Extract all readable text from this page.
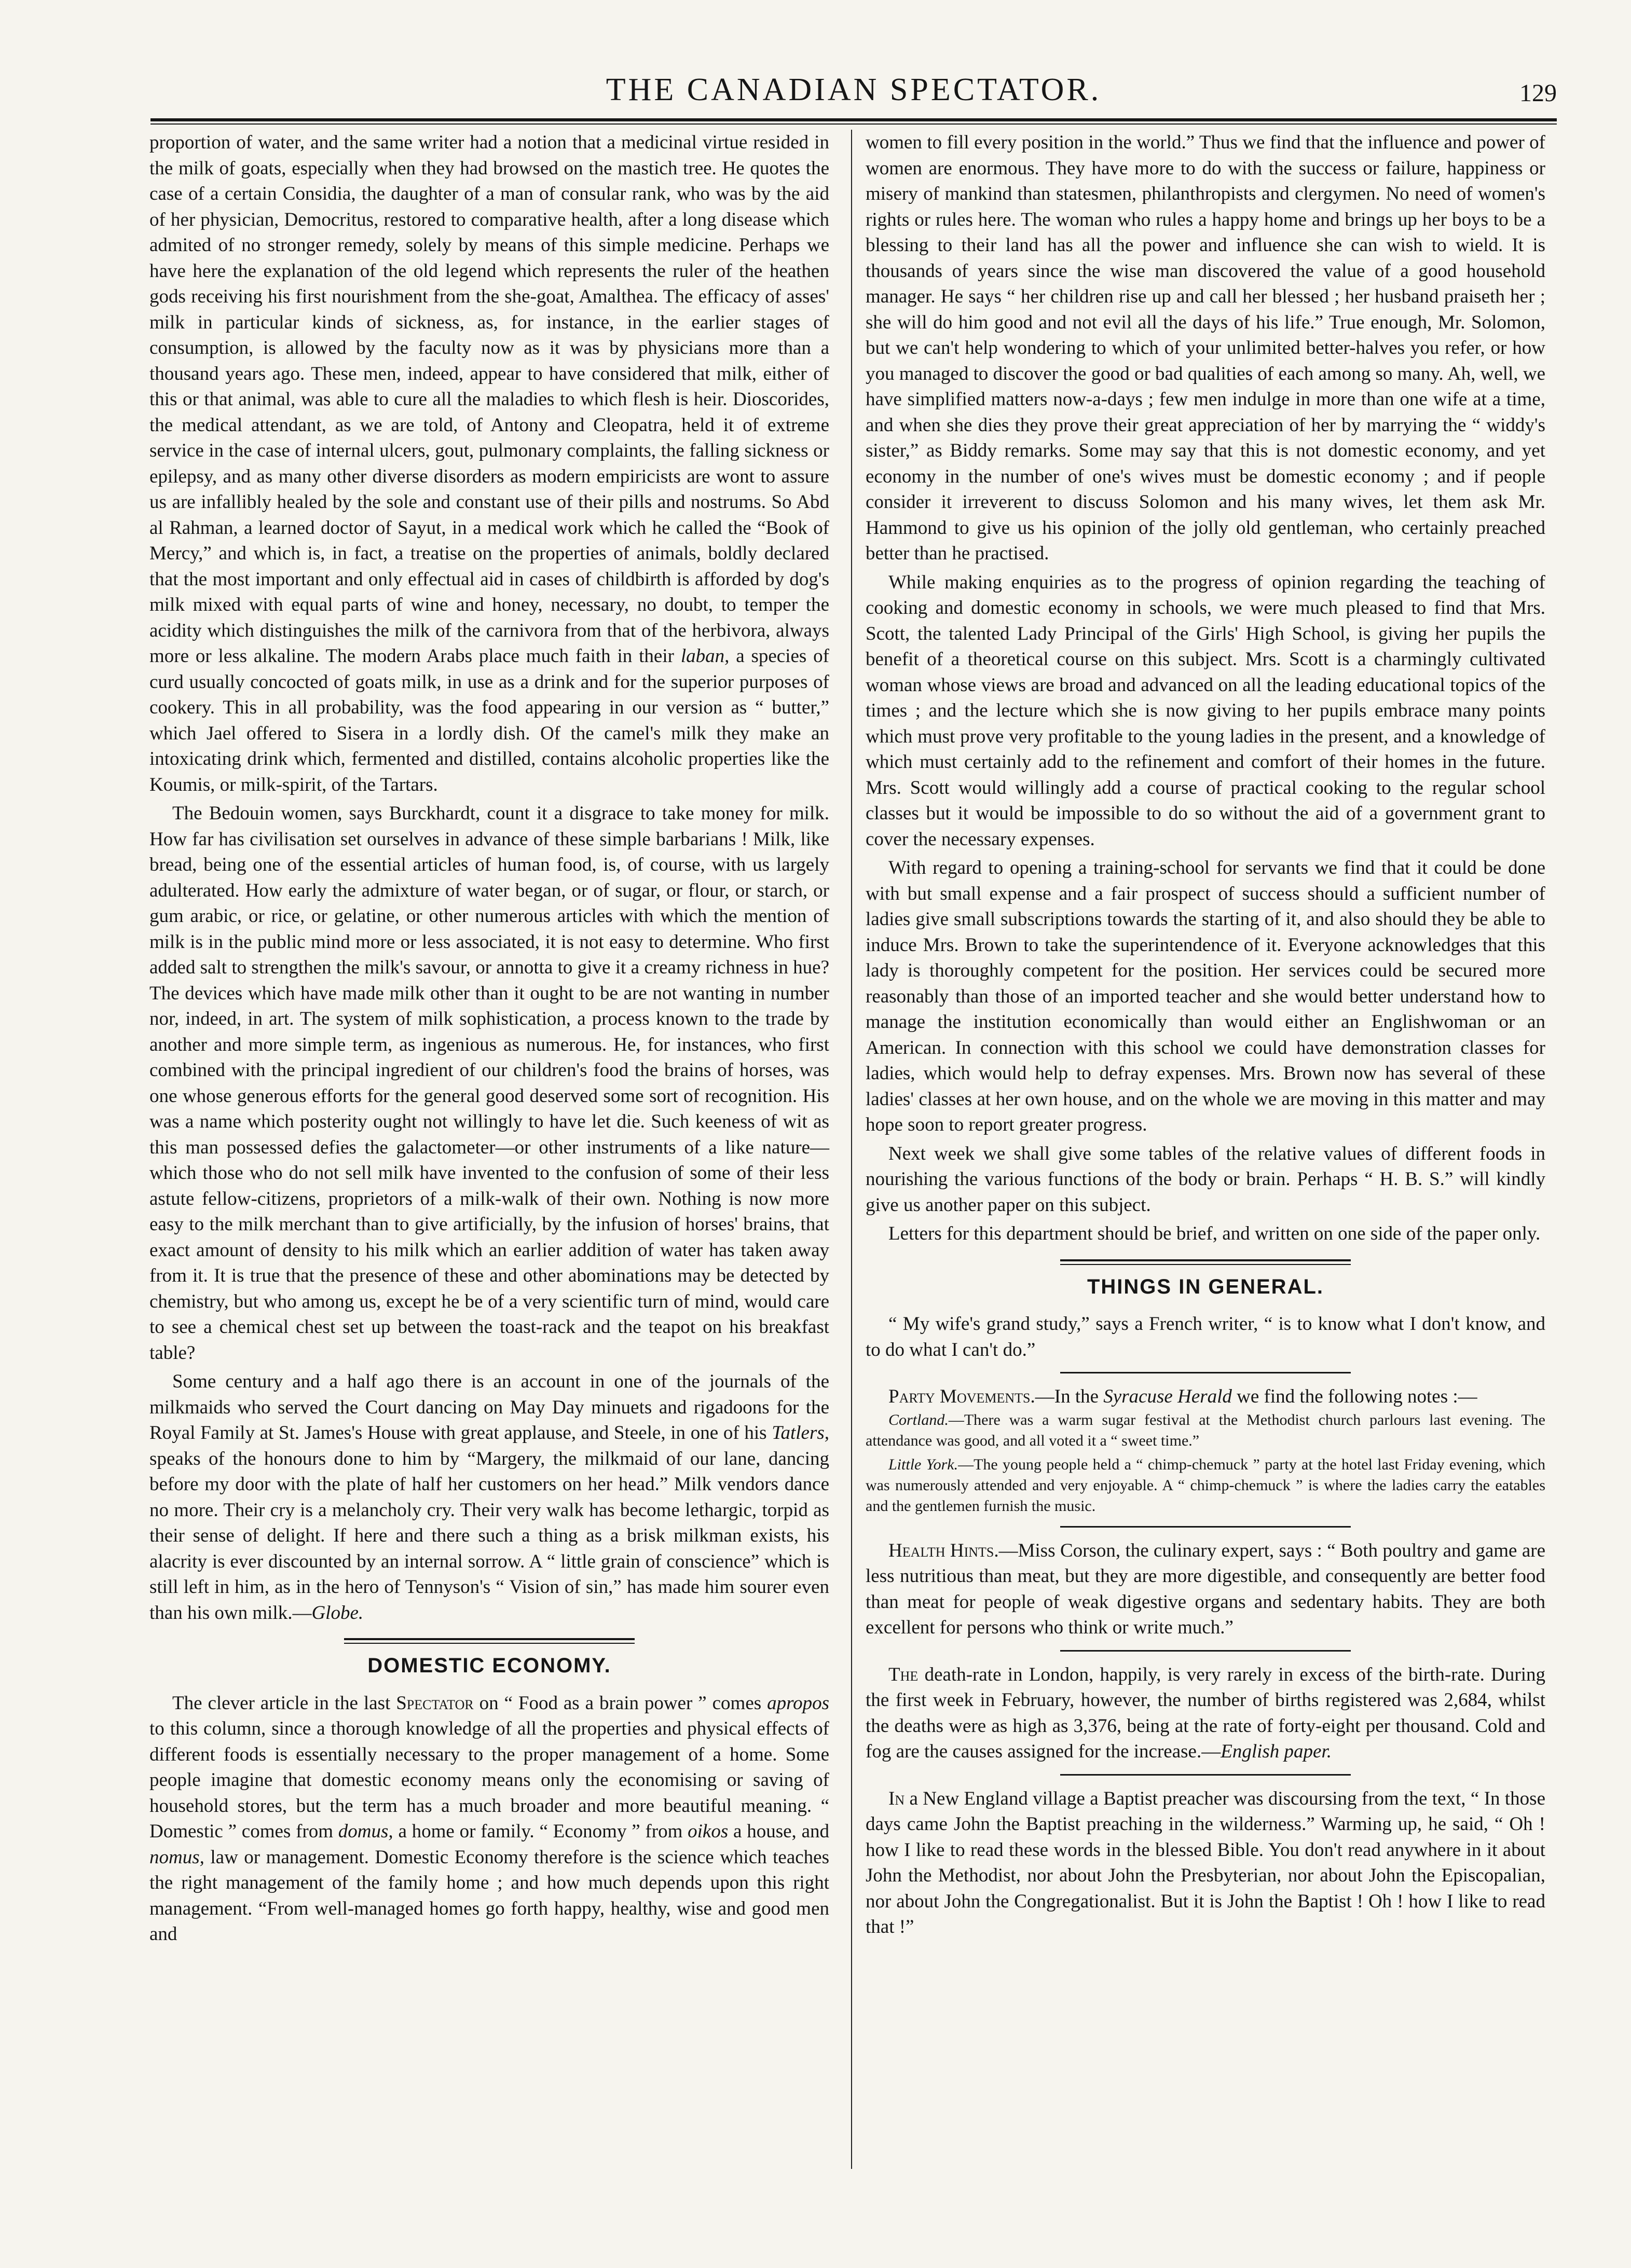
THE CANADIAN SPECTATOR.	129

proportion of water, and the same writer had a notion that a medicinal virtue resided in the milk of goats, especially when they had browsed on the mastich tree. He quotes the case of a certain Considia, the daughter of a man of consular rank, who was by the aid of her physician, Democritus, restored to comparative health, after a long disease which admited of no stronger remedy, solely by means of this simple medicine. Perhaps we have here the explanation of the old legend which represents the ruler of the heathen gods receiving his first nourishment from the she-goat, Amalthea. The efficacy of asses' milk in particular kinds of sickness, as, for instance, in the earlier stages of consumption, is allowed by the faculty now as it was by physicians more than a thousand years ago. These men, indeed, appear to have considered that milk, either of this or that animal, was able to cure all the maladies to which flesh is heir. Dioscorides, the medical attendant, as we are told, of Antony and Cleopatra, held it of extreme service in the case of internal ulcers, gout, pulmonary complaints, the falling sickness or epilepsy, and as many other diverse disorders as modern empiricists are wont to assure us are infallibly healed by the sole and constant use of their pills and nostrums. So Abd al Rahman, a learned doctor of Sayut, in a medical work which he called the “Book of Mercy,” and which is, in fact, a treatise on the properties of animals, boldly declared that the most important and only effectual aid in cases of childbirth is afforded by dog's milk mixed with equal parts of wine and honey, necessary, no doubt, to temper the acidity which distinguishes the milk of the carnivora from that of the herbivora, always more or less alkaline. The modern Arabs place much faith in their laban, a species of curd usually concocted of goats milk, in use as a drink and for the superior purposes of cookery. This in all probability, was the food appearing in our version as “ butter,” which Jael offered to Sisera in a lordly dish. Of the camel's milk they make an intoxicating drink which, fermented and distilled, contains alcoholic properties like the Koumis, or milk-spirit, of the Tartars.

The Bedouin women, says Burckhardt, count it a disgrace to take money for milk. How far has civilisation set ourselves in advance of these simple barbarians ! Milk, like bread, being one of the essential articles of human food, is, of course, with us largely adulterated. How early the admixture of water began, or of sugar, or flour, or starch, or gum arabic, or rice, or gelatine, or other numerous articles with which the mention of milk is in the public mind more or less associated, it is not easy to determine. Who first added salt to strengthen the milk's savour, or annotta to give it a creamy richness in hue? The devices which have made milk other than it ought to be are not wanting in number nor, indeed, in art. The system of milk sophistication, a process known to the trade by another and more simple term, as ingenious as numerous. He, for instances, who first combined with the principal ingredient of our children's food the brains of horses, was one whose generous efforts for the general good deserved some sort of recognition. His was a name which posterity ought not willingly to have let die. Such keeness of wit as this man possessed defies the galactometer—or other instruments of a like nature—which those who do not sell milk have invented to the confusion of some of their less astute fellow-citizens, proprietors of a milk-walk of their own. Nothing is now more easy to the milk merchant than to give artificially, by the infusion of horses' brains, that exact amount of density to his milk which an earlier addition of water has taken away from it. It is true that the presence of these and other abominations may be detected by chemistry, but who among us, except he be of a very scientific turn of mind, would care to see a chemical chest set up between the toast-rack and the teapot on his breakfast table?

Some century and a half ago there is an account in one of the journals of the milkmaids who served the Court dancing on May Day minuets and rigadoons for the Royal Family at St. James's House with great applause, and Steele, in one of his Tatlers, speaks of the honours done to him by “Margery, the milkmaid of our lane, dancing before my door with the plate of half her customers on her head.” Milk vendors dance no more. Their cry is a melancholy cry. Their very walk has become lethargic, torpid as their sense of delight. If here and there such a thing as a brisk milkman exists, his alacrity is ever discounted by an internal sorrow. A “ little grain of conscience” which is still left in him, as in the hero of Tennyson's “ Vision of sin,” has made him sourer even than his own milk.—Globe.

DOMESTIC ECONOMY.

The clever article in the last Spectator on “ Food as a brain power ” comes apropos to this column, since a thorough knowledge of all the properties and physical effects of different foods is essentially necessary to the proper management of a home. Some people imagine that domestic economy means only the economising or saving of household stores, but the term has a much broader and more beautiful meaning. “ Domestic ” comes from domus, a home or family. “ Economy ” from oikos a house, and nomus, law or management. Domestic Economy therefore is the science which teaches the right management of the family home ; and how much depends upon this right management. “From well-managed homes go forth happy, healthy, wise and good men and

women to fill every position in the world.” Thus we find that the influence and power of women are enormous. They have more to do with the success or failure, happiness or misery of mankind than statesmen, philanthropists and clergymen. No need of women's rights or rules here. The woman who rules a happy home and brings up her boys to be a blessing to their land has all the power and influence she can wish to wield. It is thousands of years since the wise man discovered the value of a good household manager. He says “ her children rise up and call her blessed ; her husband praiseth her ; she will do him good and not evil all the days of his life.” True enough, Mr. Solomon, but we can't help wondering to which of your unlimited better-halves you refer, or how you managed to discover the good or bad qualities of each among so many. Ah, well, we have simplified matters now-a-days ; few men indulge in more than one wife at a time, and when she dies they prove their great appreciation of her by marrying the “ widdy's sister,” as Biddy remarks. Some may say that this is not domestic economy, and yet economy in the number of one's wives must be domestic economy ; and if people consider it irreverent to discuss Solomon and his many wives, let them ask Mr. Hammond to give us his opinion of the jolly old gentleman, who certainly preached better than he practised.

While making enquiries as to the progress of opinion regarding the teaching of cooking and domestic economy in schools, we were much pleased to find that Mrs. Scott, the talented Lady Principal of the Girls' High School, is giving her pupils the benefit of a theoretical course on this subject. Mrs. Scott is a charmingly cultivated woman whose views are broad and advanced on all the leading educational topics of the times ; and the lecture which she is now giving to her pupils embrace many points which must prove very profitable to the young ladies in the present, and a knowledge of which must certainly add to the refinement and comfort of their homes in the future. Mrs. Scott would willingly add a course of practical cooking to the regular school classes but it would be impossible to do so without the aid of a government grant to cover the necessary expenses.

With regard to opening a training-school for servants we find that it could be done with but small expense and a fair prospect of success should a sufficient number of ladies give small subscriptions towards the starting of it, and also should they be able to induce Mrs. Brown to take the superintendence of it. Everyone acknowledges that this lady is thoroughly competent for the position. Her services could be secured more reasonably than those of an imported teacher and she would better understand how to manage the institution economically than would either an Englishwoman or an American. In connection with this school we could have demonstration classes for ladies, which would help to defray expenses. Mrs. Brown now has several of these ladies' classes at her own house, and on the whole we are moving in this matter and may hope soon to report greater progress.

Next week we shall give some tables of the relative values of different foods in nourishing the various functions of the body or brain. Perhaps “ H. B. S.” will kindly give us another paper on this subject.

Letters for this department should be brief, and written on one side of the paper only.

THINGS IN GENERAL.

“ My wife's grand study,” says a French writer, “ is to know what I don't know, and to do what I can't do.”

Party Movements.—In the Syracuse Herald we find the following notes :—

Cortland.—There was a warm sugar festival at the Methodist church parlours last evening. The attendance was good, and all voted it a “ sweet time.”

Little York.—The young people held a “ chimp-chemuck ” party at the hotel last Friday evening, which was numerously attended and very enjoyable. A “ chimp-chemuck ” is where the ladies carry the eatables and the gentlemen furnish the music.

Health Hints.—Miss Corson, the culinary expert, says : “ Both poultry and game are less nutritious than meat, but they are more digestible, and consequently are better food than meat for people of weak digestive organs and sedentary habits. They are both excellent for persons who think or write much.”

The death-rate in London, happily, is very rarely in excess of the birth-rate. During the first week in February, however, the number of births registered was 2,684, whilst the deaths were as high as 3,376, being at the rate of forty-eight per thousand. Cold and fog are the causes assigned for the increase.—English paper.

In a New England village a Baptist preacher was discoursing from the text, “ In those days came John the Baptist preaching in the wilderness.” Warming up, he said, “ Oh ! how I like to read these words in the blessed Bible. You don't read anywhere in it about John the Methodist, nor about John the Presbyterian, nor about John the Episcopalian, nor about John the Congregationalist. But it is John the Baptist ! Oh ! how I like to read that !”
